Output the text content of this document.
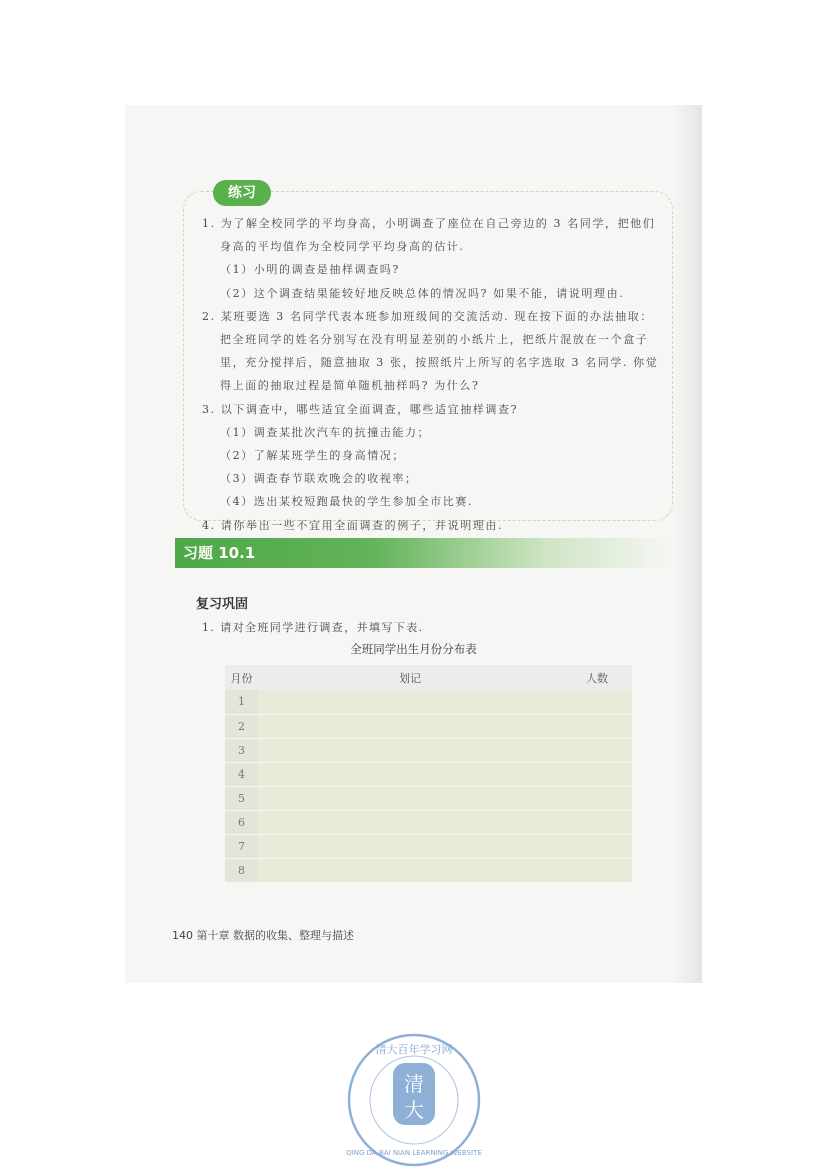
练习
1. 为了解全校同学的平均身高，小明调查了座位在自己旁边的 3 名同学，把他们
身高的平均值作为全校同学平均身高的估计.
（1）小明的调查是抽样调查吗?
（2）这个调查结果能较好地反映总体的情况吗? 如果不能，请说明理由.
2. 某班要选 3 名同学代表本班参加班级间的交流活动. 现在按下面的办法抽取：
把全班同学的姓名分别写在没有明显差别的小纸片上，把纸片混放在一个盒子
里，充分搅拌后，随意抽取 3 张，按照纸片上所写的名字选取 3 名同学. 你觉
得上面的抽取过程是简单随机抽样吗? 为什么?
3. 以下调查中，哪些适宜全面调查，哪些适宜抽样调查?
（1）调查某批次汽车的抗撞击能力；
（2）了解某班学生的身高情况；
（3）调查春节联欢晚会的收视率；
（4）选出某校短跑最快的学生参加全市比赛.
4. 请你举出一些不宜用全面调查的例子，并说明理由.
习题 10.1
复习巩固
1. 请对全班同学进行调查，并填写下表.
全班同学出生月份分布表
月份	划记	人数
1		
2		
3		
4		
5		
6		
7		
8		
140 第十章 数据的收集、整理与描述
清
大
清大百年学习网
QING DA BAI NIAN LEARNING WEBSITE
